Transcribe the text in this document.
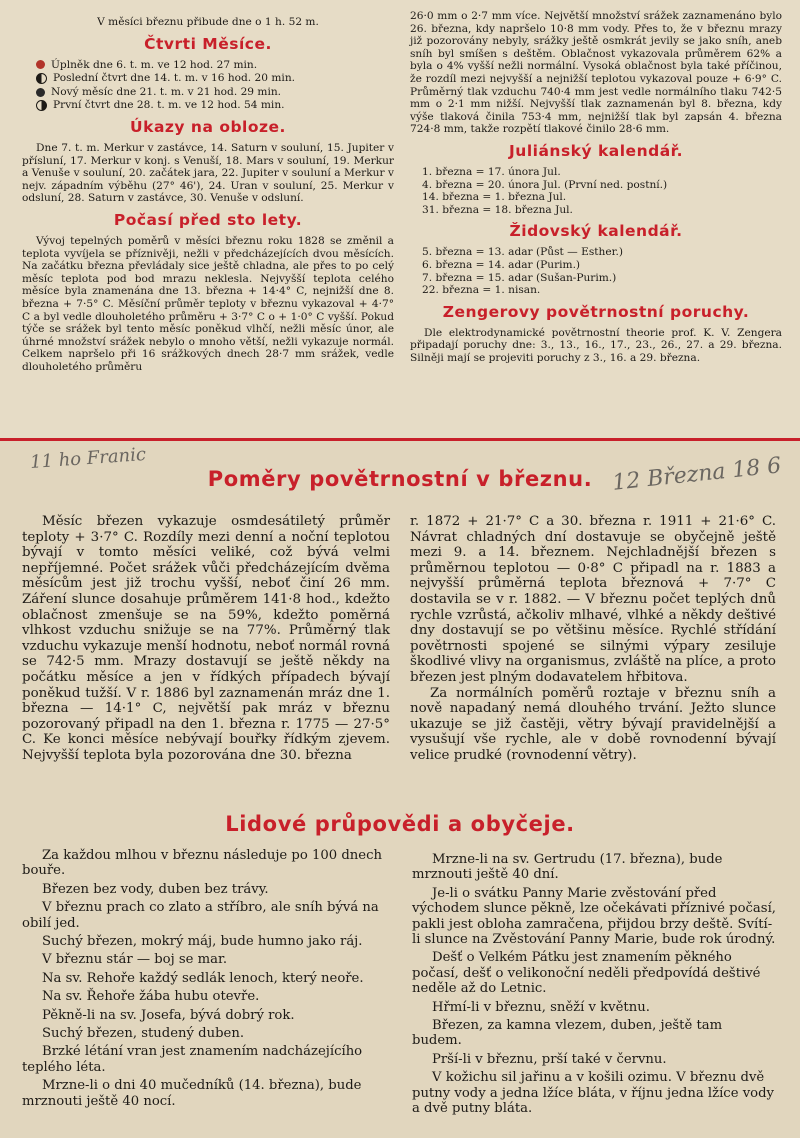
V měsíci březnu přibude dne o 1 h. 52 m.

Čtvrti Měsíce.
Úplněk dne 6. t. m. ve 12 hod. 27 min.
Poslední čtvrt dne 14. t. m. v 16 hod. 20 min.
Nový měsíc dne 21. t. m. v 21 hod. 29 min.
První čtvrt dne 28. t. m. ve 12 hod. 54 min.
Úkazy na obloze.

Dne 7. t. m. Merkur v zastávce, 14. Saturn v souluní, 15. Jupiter v přísluní, 17. Merkur v konj. s Venuší, 18. Mars v souluní, 19. Merkur a Venuše v souluní, 20. začátek jara, 22. Jupiter v souluní a Merkur v nejv. západním výběhu (27° 46'), 24. Uran v souluní, 25. Merkur v odsluní, 28. Saturn v zastávce, 30. Venuše v odsluní.

Počasí před sto lety.

Vývoj tepelných poměrů v měsíci březnu roku 1828 se změnil a teplota vyvíjela se příznivěji, nežli v předcházejících dvou měsících. Na začátku března převládaly sice ještě chladna, ale přes to po celý měsíc teplota pod bod mrazu neklesla. Nejvyšší teplota celého měsíce byla znamenána dne 13. března + 14·4° C, nejnižší dne 8. března + 7·5° C. Měsíční průměr teploty v březnu vykazoval + 4·7° C a byl vedle dlouholetého průměru + 3·7° C o + 1·0° C vyšší. Pokud týče se srážek byl tento měsíc poněkud vlhčí, nežli měsíc únor, ale úhrné množství srážek nebylo o mnoho větší, nežli vykazuje normál. Celkem napršelo při 16 srážkových dnech 28·7 mm srážek, vedle dlouholetého průměru

26·0 mm o 2·7 mm více. Největší množství srážek zaznamenáno bylo 26. března, kdy napršelo 10·8 mm vody. Přes to, že v březnu mrazy již pozorovány nebyly, srážky ještě osmkrát jevily se jako sníh, aneb sníh byl smíšen s deštěm. Oblačnost vykazovala průměrem 62% a byla o 4% vyšší nežli normální. Vysoká oblačnost byla také příčinou, že rozdíl mezi nejvyšší a nejnižší teplotou vykazoval pouze + 6·9° C. Průměrný tlak vzduchu 740·4 mm jest vedle normálního tlaku 742·5 mm o 2·1 mm nižší. Nejvyšší tlak zaznamenán byl 8. března, kdy výše tlaková činila 753·4 mm, nejnižší tlak byl zapsán 4. března 724·8 mm, takže rozpětí tlakové činilo 28·6 mm.

Juliánský kalendář.
1. března = 17. února Jul.
4. března = 20. února Jul. (První ned. postní.)
14. března = 1. března Jul.
31. března = 18. března Jul.
Židovský kalendář.
5. března = 13. adar (Půst — Esther.)
6. března = 14. adar (Purim.)
7. března = 15. adar (Sušan-Purim.)
22. března = 1. nisan.
Zengerovy povětrnostní poruchy.

Dle elektrodynamické povětrnostní theorie prof. K. V. Zengera připadají poruchy dne: 3., 13., 16., 17., 23., 26., 27. a 29. března. Silněji mají se projeviti poruchy z 3., 16. a 29. března.

11 ho Franic	12 Března 18 6
Poměry povětrnostní v březnu.

Měsíc březen vykazuje osmdesátiletý průměr teploty + 3·7° C. Rozdíly mezi denní a noční teplotou bývají v tomto měsíci veliké, což bývá velmi nepříjemné. Počet srážek vůči předcházejícím dvěma měsícům jest již trochu vyšší, neboť činí 26 mm. Záření slunce dosahuje průměrem 141·8 hod., kdežto oblačnost zmenšuje se na 59%, kdežto poměrná vlhkost vzduchu snižuje se na 77%. Průměrný tlak vzduchu vykazuje menší hodnotu, neboť normál rovná se 742·5 mm. Mrazy dostavují se ještě někdy na počátku měsíce a jen v řídkých případech bývají poněkud tužší. V r. 1886 byl zaznamenán mráz dne 1. března — 14·1° C, největší pak mráz v březnu pozorovaný připadl na den 1. března r. 1775 — 27·5° C. Ke konci měsíce nebývají bouřky řídkým zjevem. Nejvyšší teplota byla pozorována dne 30. března

r. 1872 + 21·7° C a 30. března r. 1911 + 21·6° C. Návrat chladných dní dostavuje se obyčejně ještě mezi 9. a 14. březnem. Nejchladnější březen s průměrnou teplotou — 0·8° C připadl na r. 1883 a nejvyšší průměrná teplota březnová + 7·7° C dostavila se v r. 1882. — V březnu počet teplých dnů rychle vzrůstá, ačkoliv mlhavé, vlhké a někdy deštivé dny dostavují se po většinu měsíce. Rychlé střídání povětrnosti spojené se silnými výpary zesiluje škodlivé vlivy na organismus, zvláště na plíce, a proto březen jest plným dodavatelem hřbitova.

Za normálních poměrů roztaje v březnu sníh a nově napadaný nemá dlouhého trvání. Ježto slunce ukazuje se již častěji, větry bývají pravidelnější a vysušují vše rychle, ale v době rovnodenní bývají velice prudké (rovnodenní větry).

Lidové průpovědi a obyčeje.

Za každou mlhou v březnu následuje po 100 dnech bouře.

Březen bez vody, duben bez trávy.

V březnu prach co zlato a stříbro, ale sníh bývá na obilí jed.

Suchý březen, mokrý máj, bude humno jako ráj.

V březnu stár — boj se mar.

Na sv. Rehoře každý sedlák lenoch, který neoře.

Na sv. Řehoře žába hubu otevře.

Pěkně-li na sv. Josefa, bývá dobrý rok.

Suchý březen, studený duben.

Brzké létání vran jest znamením nadcházejícího teplého léta.

Mrzne-li o dni 40 mučedníků (14. března), bude mrznouti ještě 40 nocí.

Mrzne-li na sv. Gertrudu (17. března), bude mrznouti ještě 40 dní.

Je-li o svátku Panny Marie zvěstování před východem slunce pěkně, lze očekávati příznivé počasí, pakli jest obloha zamračena, přijdou brzy deště. Svítí-li slunce na Zvěstování Panny Marie, bude rok úrodný.

Dešť o Velkém Pátku jest znamením pěkného počasí, dešť o velikonoční neděli předpovídá deštivé neděle až do Letnic.

Hřmí-li v březnu, sněží v květnu.

Březen, za kamna vlezem, duben, ještě tam budem.

Prší-li v březnu, prší také v červnu.

V kožichu sil jařinu a v košili ozimu. V březnu dvě putny vody a jedna lžíce bláta, v říjnu jedna lžíce vody a dvě putny bláta.
